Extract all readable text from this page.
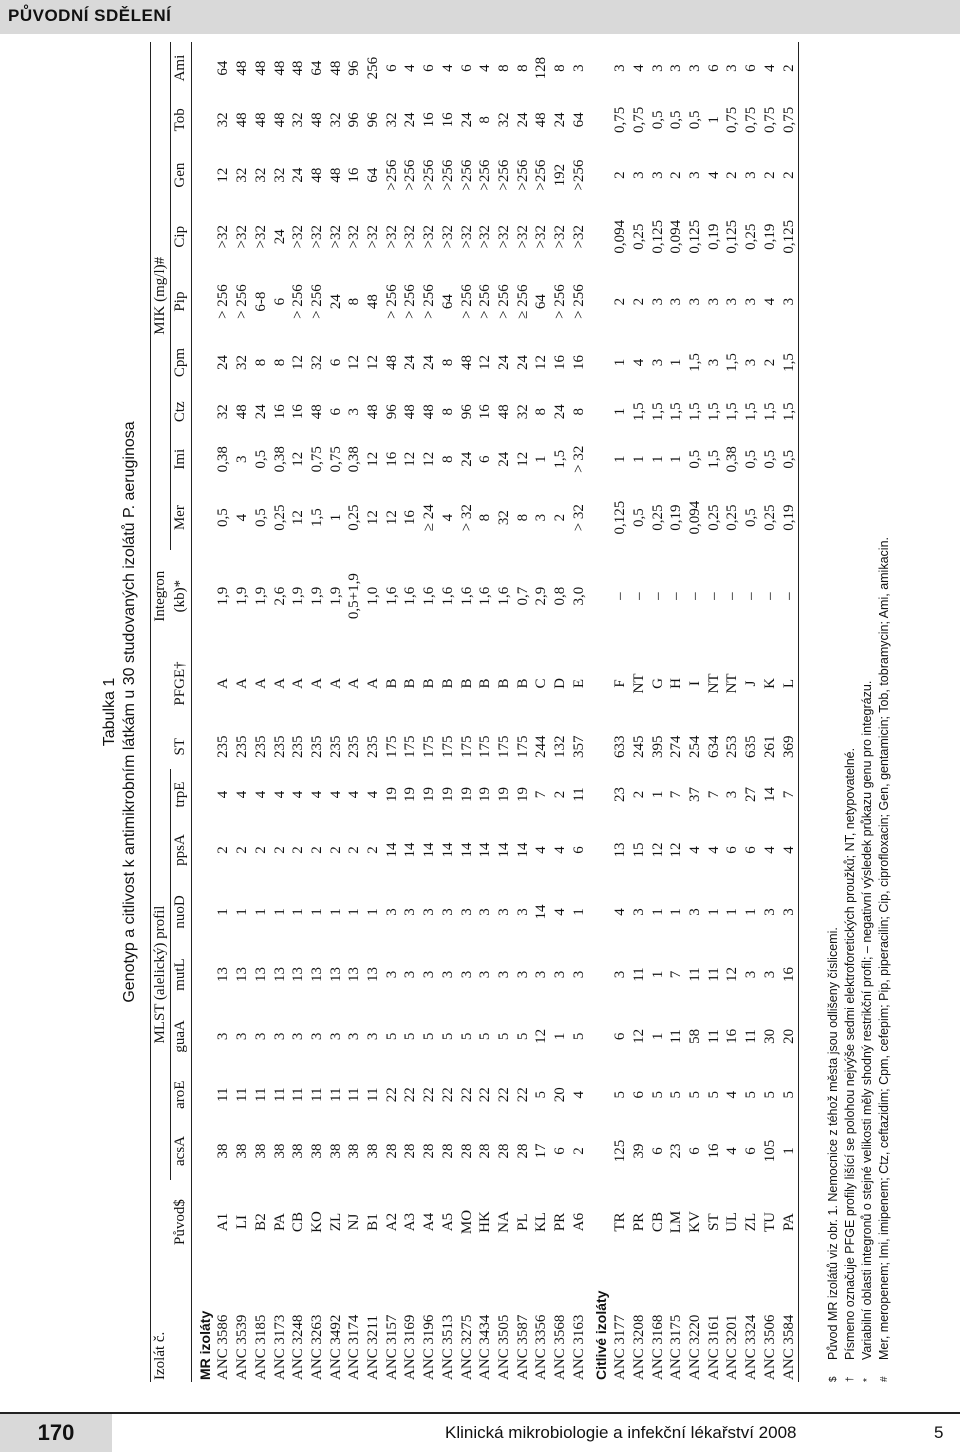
PŮVODNÍ SDĚLENÍ
Tabulka 1 Genotyp a citlivost k antimikrobním látkám u 30 studovaných izolátů P. aeruginosa
Izolát č.		MLST (alelický) profil									Integron	MIK (mg/l)#								
	Původ$	acsA	aroE	guaA	mutL	nuoD	ppsA	trpE	ST	PFGE†	(kb)*	Mer	Imi	Ctz	Cpm	Pip	Cip	Gen	Tob	Ami
MR izoláty																				
ANC 3586	A1	38	11	3	13	1	2	4	235	A	1,9	0,5	0,38	32	24	> 256	>32	12	32	64
ANC 3539	LI	38	11	3	13	1	2	4	235	A	1,9	4	3	48	32	> 256	>32	32	48	48
ANC 3185	B2	38	11	3	13	1	2	4	235	A	1,9	0,5	0,5	24	8	6-8	>32	32	48	48
ANC 3173	PA	38	11	3	13	1	2	4	235	A	2,6	0,25	0,38	16	8	6	24	32	48	48
ANC 3248	CB	38	11	3	13	1	2	4	235	A	1,9	12	12	16	12	> 256	>32	24	32	48
ANC 3263	KO	38	11	3	13	1	2	4	235	A	1,9	1,5	0,75	48	32	> 256	>32	48	48	64
ANC 3492	ZL	38	11	3	13	1	2	4	235	A	1,9	1	0,75	6	6	24	>32	48	32	48
ANC 3174	NJ	38	11	3	13	1	2	4	235	A	0,5+1,9	0,25	0,38	3	12	8	>32	16	96	96
ANC 3211	B1	38	11	3	13	1	2	4	235	A	1,0	12	12	48	12	48	>32	64	96	256
ANC 3157	A2	28	22	5	3	3	14	19	175	B	1,6	12	16	96	48	> 256	>32	>256	32	6
ANC 3169	A3	28	22	5	3	3	14	19	175	B	1,6	16	12	48	24	> 256	>32	>256	24	4
ANC 3196	A4	28	22	5	3	3	14	19	175	B	1,6	≥ 24	12	48	24	> 256	>32	>256	16	6
ANC 3513	A5	28	22	5	3	3	14	19	175	B	1,6	4	8	8	8	64	>32	>256	16	4
ANC 3275	MO	28	22	5	3	3	14	19	175	B	1,6	> 32	24	96	48	> 256	>32	>256	24	6
ANC 3434	HK	28	22	5	3	3	14	19	175	B	1,6	8	6	16	12	> 256	>32	>256	8	4
ANC 3505	NA	28	22	5	3	3	14	19	175	B	1,6	32	24	48	24	> 256	>32	>256	32	8
ANC 3587	PL	28	22	5	3	3	14	19	175	B	0,7	8	12	32	24	≥ 256	>32	>256	24	8
ANC 3356	KL	17	5	12	3	14	4	7	244	C	2,9	3	1	8	12	64	>32	>256	48	128
ANC 3568	PR	6	20	1	3	4	4	2	132	D	0,8	2	1,5	24	16	> 256	>32	192	24	8
ANC 3163	A6	2	4	5	3	1	6	11	357	E	3,0	> 32	> 32	8	16	> 256	>32	>256	64	3
Citlivé izoláty																				
ANC 3177	TR	125	5	6	3	4	13	23	633	F	–	0,125	1	1	1	2	0,094	2	0,75	3
ANC 3208	PR	39	6	12	11	3	15	2	245	NT	–	0,5	1	1,5	4	2	0,25	3	0,75	4
ANC 3168	CB	6	5	1	1	1	12	1	395	G	–	0,25	1	1,5	3	3	0,125	3	0,5	3
ANC 3175	LM	23	5	11	7	1	12	7	274	H	–	0,19	1	1,5	1	3	0,094	2	0,5	3
ANC 3220	KV	6	5	58	11	3	4	37	254	I	–	0,094	0,5	1,5	1,5	3	0,125	3	0,5	3
ANC 3161	ST	16	5	11	11	1	4	7	634	NT	–	0,25	1,5	1,5	3	3	0,19	4	1	6
ANC 3201	UL	4	4	16	12	1	6	3	253	NT	–	0,25	0,38	1,5	1,5	3	0,125	2	0,75	3
ANC 3324	ZL	6	5	11	3	1	6	27	635	J	–	0,5	0,5	1,5	3	3	0,25	3	0,75	6
ANC 3506	TU	105	5	30	3	3	4	14	261	K	–	0,25	0,5	1,5	2	4	0,19	2	0,75	4
ANC 3584	PA	1	5	20	16	3	4	7	369	L	–	0,19	0,5	1,5	1,5	3	0,125	2	0,75	2
$Původ MR izolátů viz obr. 1. Nemocnice z téhož města jsou odlišeny číslicemi.
†Písmeno označuje PFGE profily lišící se polohou nejvýše sedmi elektroforetických proužků; NT, netypovatelné.
*Variabilní oblasti integronů o stejné velikosti měly shodný restrikční profil; – negativní výsledek průkazu genu pro integrázu.
#Mer, meropenem; Imi, imipenem; Ctz, ceftazidim; Cpm, cefepim; Pip, piperacilin; Cip, ciprofloxacin; Gen, gentamicin; Tob, tobramycin; Ami, amikacin.
170	Klinická mikrobiologie a infekční lékařství 2008	5
